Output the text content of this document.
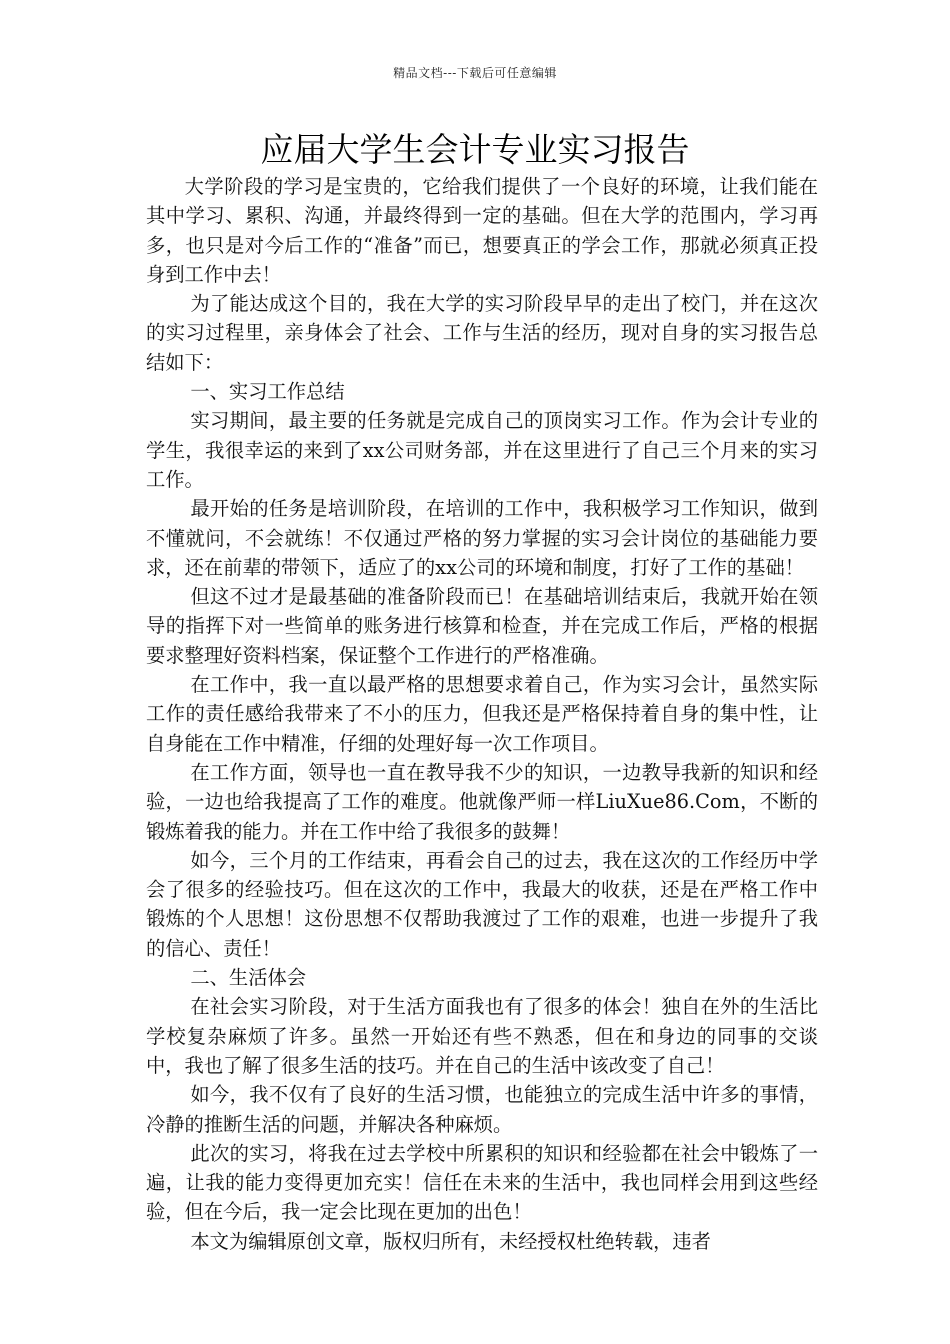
精品文档---下载后可任意编辑
应届大学生会计专业实习报告

大学阶段的学习是宝贵的，它给我们提供了一个良好的环境，让我们能在其中学习、累积、沟通，并最终得到一定的基础。但在大学的范围内，学习再多，也只是对今后工作的“准备”而已，想要真正的学会工作，那就必须真正投身到工作中去！

为了能达成这个目的，我在大学的实习阶段早早的走出了校门，并在这次的实习过程里，亲身体会了社会、工作与生活的经历，现对自身的实习报告总结如下：

一、实习工作总结

实习期间，最主要的任务就是完成自己的顶岗实习工作。作为会计专业的学生，我很幸运的来到了xx公司财务部，并在这里进行了自己三个月来的实习工作。

最开始的任务是培训阶段，在培训的工作中，我积极学习工作知识，做到不懂就问，不会就练！不仅通过严格的努力掌握的实习会计岗位的基础能力要求，还在前辈的带领下，适应了的xx公司的环境和制度，打好了工作的基础！

但这不过才是最基础的准备阶段而已！在基础培训结束后，我就开始在领导的指挥下对一些简单的账务进行核算和检查，并在完成工作后，严格的根据要求整理好资料档案，保证整个工作进行的严格准确。

在工作中，我一直以最严格的思想要求着自己，作为实习会计，虽然实际工作的责任感给我带来了不小的压力，但我还是严格保持着自身的集中性，让自身能在工作中精准，仔细的处理好每一次工作项目。

在工作方面，领导也一直在教导我不少的知识，一边教导我新的知识和经验，一边也给我提高了工作的难度。他就像严师一样LiuXue86.Com，不断的锻炼着我的能力。并在工作中给了我很多的鼓舞！

如今，三个月的工作结束，再看会自己的过去，我在这次的工作经历中学会了很多的经验技巧。但在这次的工作中，我最大的收获，还是在严格工作中锻炼的个人思想！这份思想不仅帮助我渡过了工作的艰难，也进一步提升了我的信心、责任！

二、生活体会

在社会实习阶段，对于生活方面我也有了很多的体会！独自在外的生活比学校复杂麻烦了许多。虽然一开始还有些不熟悉，但在和身边的同事的交谈中，我也了解了很多生活的技巧。并在自己的生活中该改变了自己！

如今，我不仅有了良好的生活习惯，也能独立的完成生活中许多的事情，冷静的推断生活的问题，并解决各种麻烦。

此次的实习，将我在过去学校中所累积的知识和经验都在社会中锻炼了一遍，让我的能力变得更加充实！信任在未来的生活中，我也同样会用到这些经验，但在今后，我一定会比现在更加的出色！

本文为编辑原创文章，版权归所有，未经授权杜绝转载，违者
